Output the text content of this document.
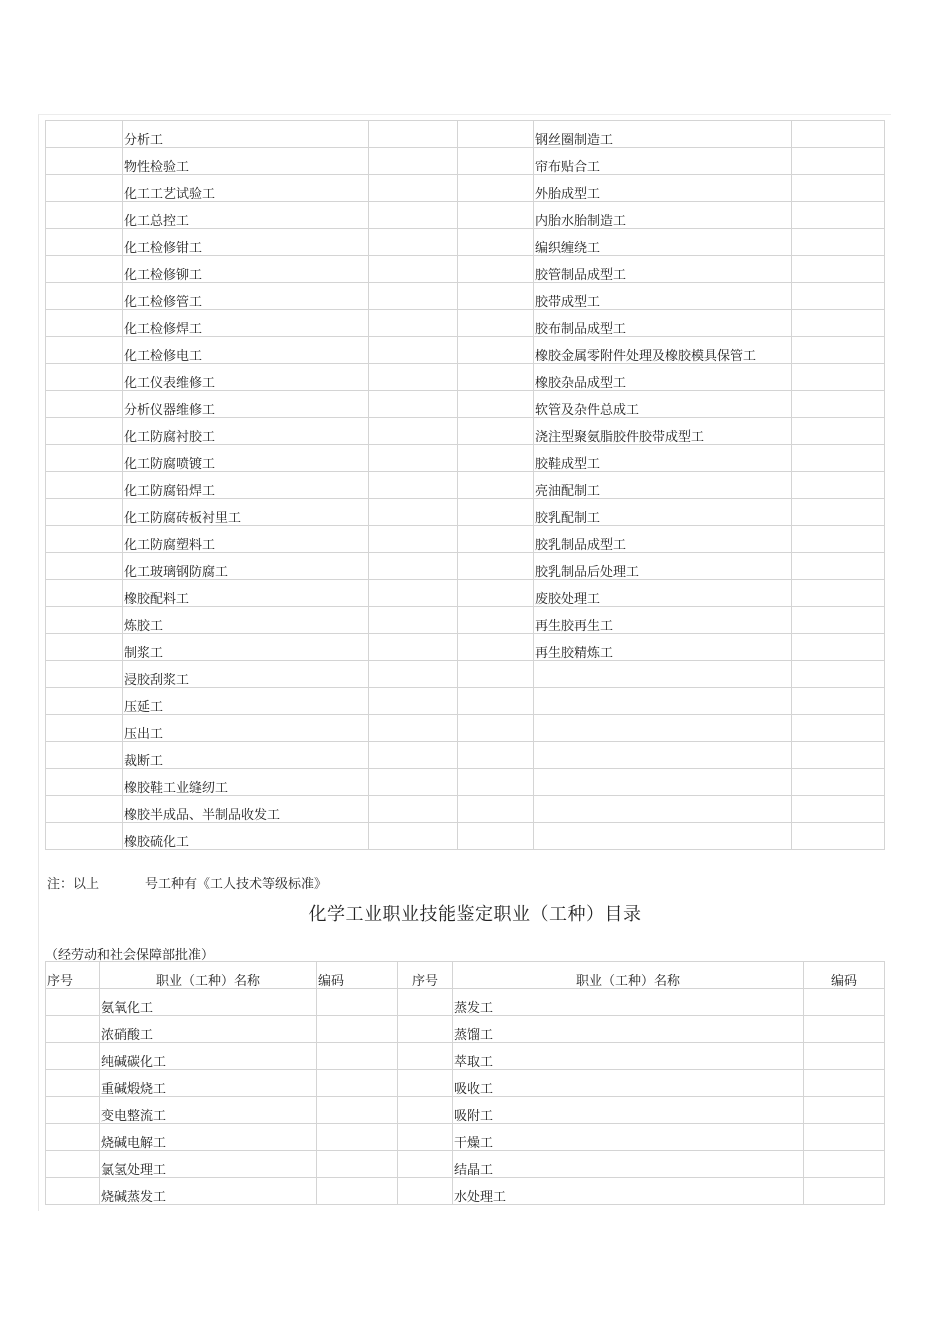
	分析工			钢丝圈制造工	
	物性检验工			帘布贴合工	
	化工工艺试验工			外胎成型工	
	化工总控工			内胎水胎制造工	
	化工检修钳工			编织缠绕工	
	化工检修铆工			胶管制品成型工	
	化工检修管工			胶带成型工	
	化工检修焊工			胶布制品成型工	
	化工检修电工			橡胶金属零附件处理及橡胶模具保管工	
	化工仪表维修工			橡胶杂品成型工	
	分析仪器维修工			软管及杂件总成工	
	化工防腐衬胶工			浇注型聚氨脂胶件胶带成型工	
	化工防腐喷镀工			胶鞋成型工	
	化工防腐铅焊工			亮油配制工	
	化工防腐砖板衬里工			胶乳配制工	
	化工防腐塑料工			胶乳制品成型工	
	化工玻璃钢防腐工			胶乳制品后处理工	
	橡胶配料工			废胶处理工	
	炼胶工			再生胶再生工	
	制浆工			再生胶精炼工	
	浸胶刮浆工				
	压延工				
	压出工				
	裁断工				
	橡胶鞋工业缝纫工				
	橡胶半成品、半制品收发工				
	橡胶硫化工				
注：以上	号工种有《工人技术等级标准》
化学工业职业技能鉴定职业（工种）目录
（经劳动和社会保障部批准）
序号	职业（工种）名称	编码	序号	职业（工种）名称	编码
	氨氧化工			蒸发工	
	浓硝酸工			蒸馏工	
	纯碱碳化工			萃取工	
	重碱煅烧工			吸收工	
	变电整流工			吸附工	
	烧碱电解工			干燥工	
	氯氢处理工			结晶工	
	烧碱蒸发工			水处理工	
